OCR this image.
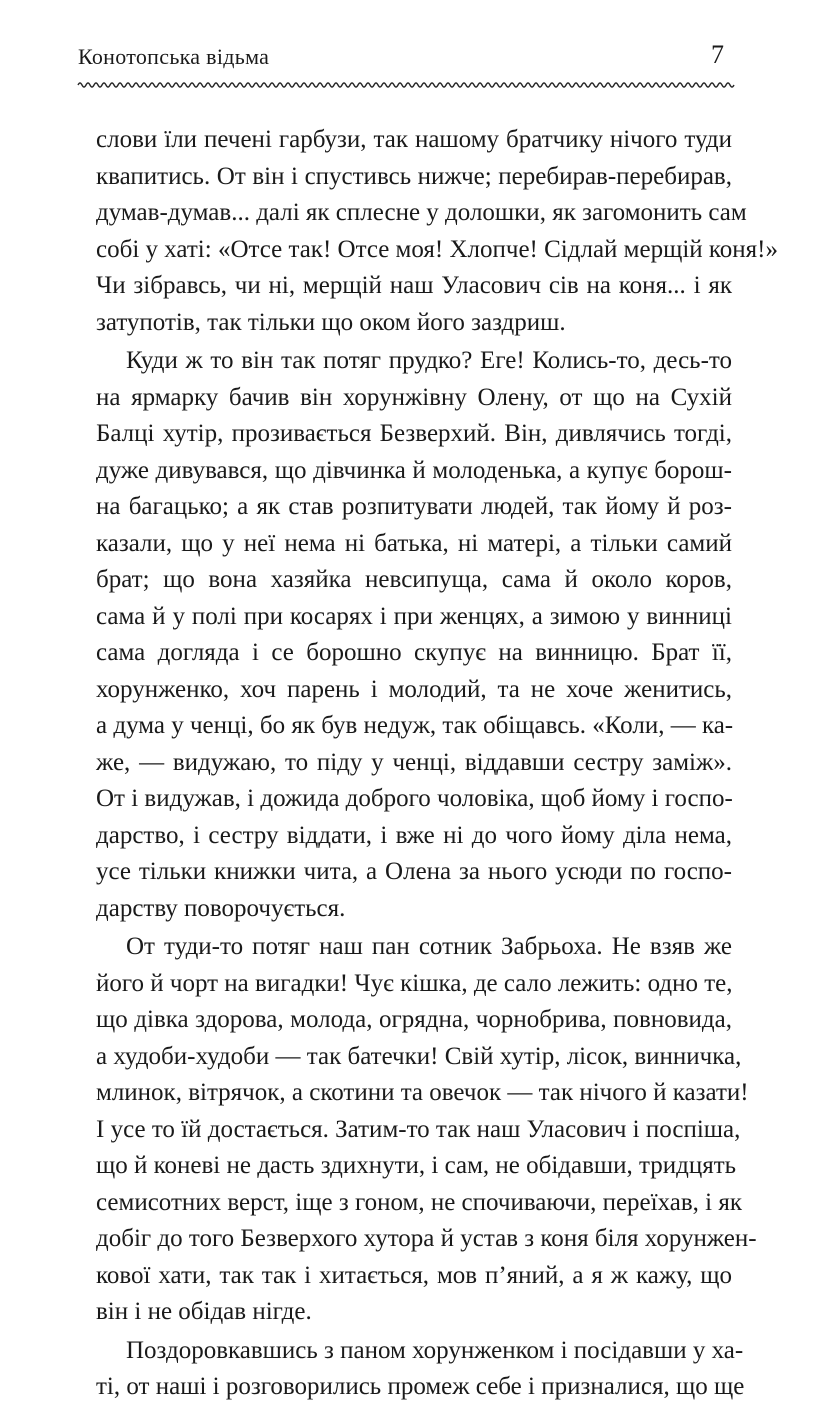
Конотопська відьма	7
слови їли печені гарбузи, так нашому братчику нічого туди
квапитись. От він і спустивсь нижче; перебирав-перебирав,
думав-думав... далі як сплесне у долошки, як загомонить сам
собі у хаті: «Отсе так! Отсе моя! Хлопче! Сідлай мерщій коня!»
Чи зібравсь, чи ні, мерщій наш Уласович сів на коня... і як
затупотів, так тільки що оком його заздриш.
Куди ж то він так потяг прудко? Еге! Колись-то, десь-то
на ярмарку бачив він хорунжівну Олену, от що на Сухій
Балці хутір, прозивається Безверхий. Він, дивлячись тогді,
дуже дивувався, що дівчинка й молоденька, а купує борош-
на багацько; а як став розпитувати людей, так йому й роз-
казали, що у неї нема ні батька, ні матері, а тільки самий
брат; що вона хазяйка невсипуща, сама й около коров,
сама й у полі при косарях і при женцях, а зимою у винниці
сама догляда і се борошно скупує на винницю. Брат її,
хорунженко, хоч парень і молодий, та не хоче женитись,
а дума у ченці, бо як був недуж, так обіщавсь. «Коли, — ка-
же, — видужаю, то піду у ченці, віддавши сестру заміж».
От і видужав, і дожида доброго чоловіка, щоб йому і госпо-
дарство, і сестру віддати, і вже ні до чого йому діла нема,
усе тільки книжки чита, а Олена за нього усюди по госпо-
дарству поворочується.
От туди-то потяг наш пан сотник Забрьоха. Не взяв же
його й чорт на вигадки! Чує кішка, де сало лежить: одно те,
що дівка здорова, молода, огрядна, чорнобрива, повновида,
а худоби-худоби — так батечки! Свій хутір, лісок, винничка,
млинок, вітрячок, а скотини та овечок — так нічого й казати!
І усе то їй достається. Затим-то так наш Уласович і поспіша,
що й коневі не дасть здихнути, і сам, не обідавши, тридцять
семисотних верст, іще з гоном, не спочиваючи, переїхав, і як
добіг до того Безверхого хутора й устав з коня біля хорунжен-
кової хати, так так і хитається, мов п’яний, а я ж кажу, що
він і не обідав нігде.
Поздоровкавшись з паном хорунженком і посідавши у ха-
ті, от наші і розговорились промеж себе і призналися, що ще
